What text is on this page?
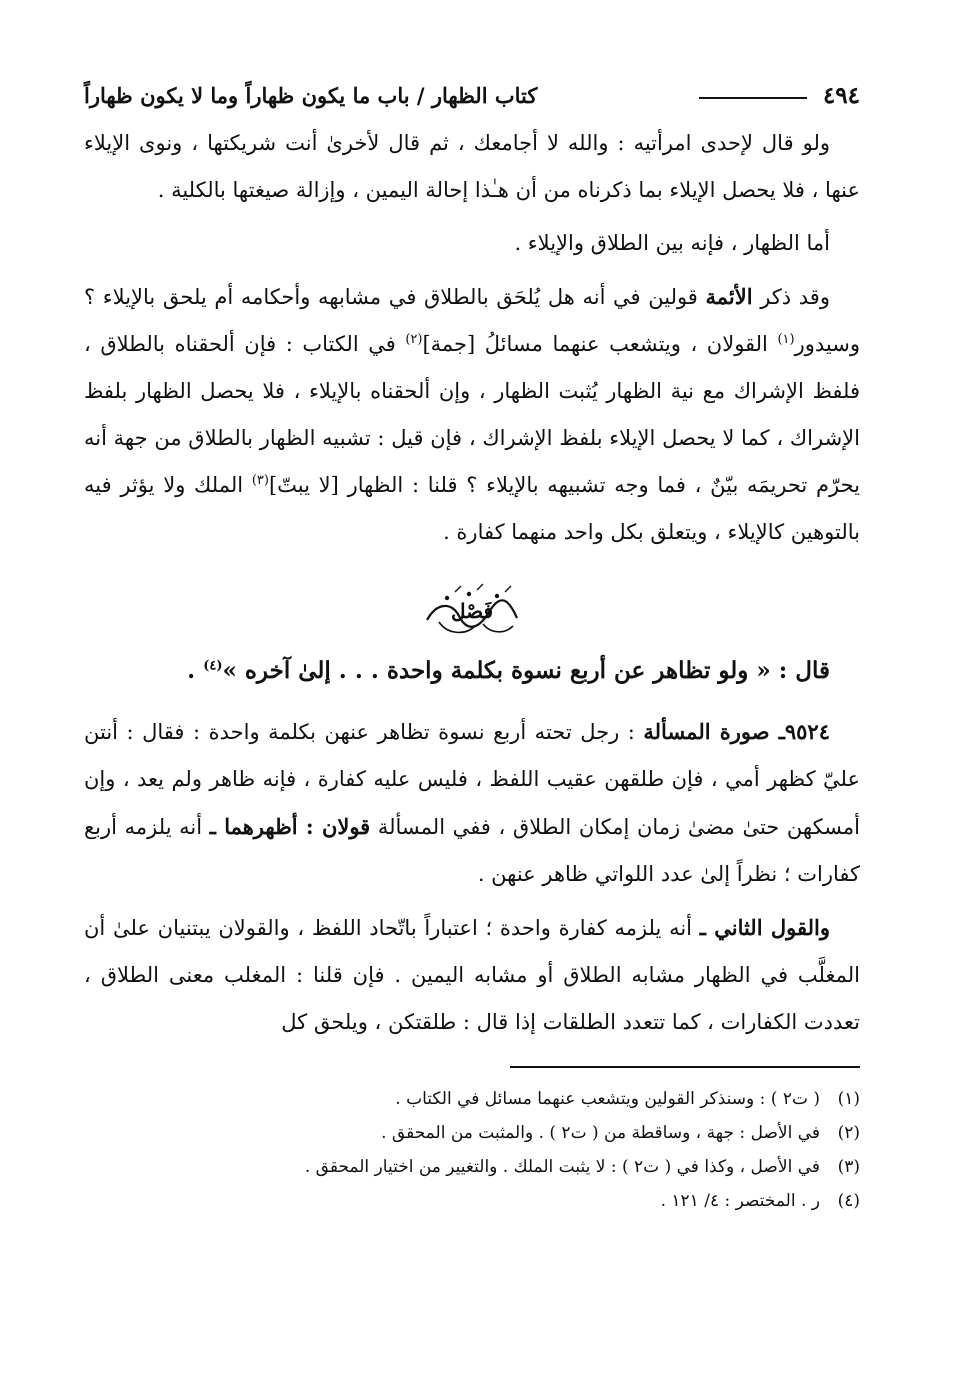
٤٩٤
كتاب الظهار / باب ما يكون ظهاراً وما لا يكون ظهاراً

ولو قال لإحدى امرأتيه : والله لا أجامعك ، ثم قال لأخرىٰ أنت شريكتها ، ونوى الإيلاء عنها ، فلا يحصل الإيلاء بما ذكرناه من أن هـٰذا إحالة اليمين ، وإزالة صيغتها بالكلية .

أما الظهار ، فإنه بين الطلاق والإيلاء .

وقد ذكر الأئمة قولين في أنه هل يُلحَق بالطلاق في مشابهه وأحكامه أم يلحق بالإيلاء ؟ وسيدور$^{(١)}$ القولان ، ويتشعب عنهما مسائلُ [جمة]$^{(٢)}$ في الكتاب : فإن ألحقناه بالطلاق ، فلفظ الإشراك مع نية الظهار يُثبت الظهار ، وإن ألحقناه بالإيلاء ، فلا يحصل الظهار بلفظ الإشراك ، كما لا يحصل الإيلاء بلفظ الإشراك ، فإن قيل : تشبيه الظهار بالطلاق من جهة أنه يحرّم تحريمَه بيّنٌ ، فما وجه تشبيهه بالإيلاء ؟ قلنا : الظهار [لا يبتّ]$^{(٣)}$ الملك ولا يؤثر فيه بالتوهين كالإيلاء ، ويتعلق بكل واحد منهما كفارة .

فَصْل

قال : « ولو تظاهر عن أربع نسوة بكلمة واحدة . . . إلىٰ آخره »$^{(٤)}$ .

٩٥٢٤ـ صورة المسألة : رجل تحته أربع نسوة تظاهر عنهن بكلمة واحدة : فقال : أنتن عليّ كظهر أمي ، فإن طلقهن عقيب اللفظ ، فليس عليه كفارة ، فإنه ظاهر ولم يعد ، وإن أمسكهن حتىٰ مضىٰ زمان إمكان الطلاق ، ففي المسألة قولان : أظهرهما ـ أنه يلزمه أربع كفارات ؛ نظراً إلىٰ عدد اللواتي ظاهر عنهن .

والقول الثاني ـ أنه يلزمه كفارة واحدة ؛ اعتباراً باتّحاد اللفظ ، والقولان يبتنيان علىٰ أن المغلَّب في الظهار مشابه الطلاق أو مشابه اليمين . فإن قلنا : المغلب معنى الطلاق ، تعددت الكفارات ، كما تتعدد الطلقات إذا قال : طلقتكن ، ويلحق كل

(١)( ت٢ ) : وسنذكر القولين ويتشعب عنهما مسائل في الكتاب .
(٢)في الأصل : جهة ، وساقطة من ( ت٢ ) . والمثبت من المحقق .
(٣)في الأصل ، وكذا في ( ت٢ ) : لا يثبت الملك . والتغيير من اختيار المحقق .
(٤)ر . المختصر : ٤/ ١٢١ .
